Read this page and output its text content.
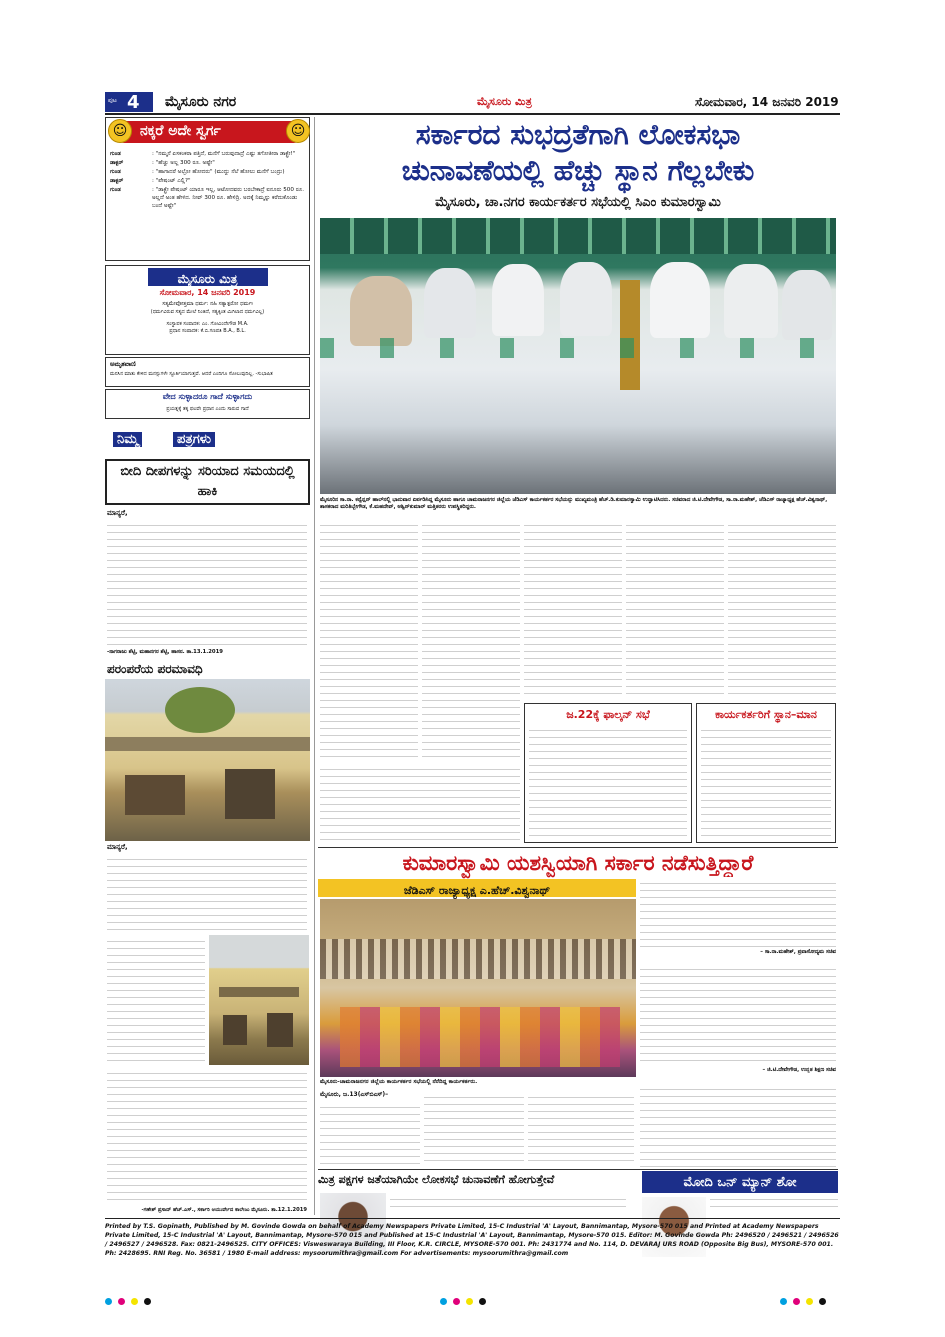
ಪುಟ 4 ಮೈಸೂರು ನಗರ	ಮೈಸೂರು ಮಿತ್ರ	ಸೋಮವಾರ, 14 ಜನವರಿ 2019
☺ ನಕ್ಕರೆ ಅದೇ ಸ್ವರ್ಗ	☺
ಗುಂಡ	: "ನಮ್ಮನೆ ಏಸಕಂಕರಾ ಪತ್ತಿದೆ, ಮನೆಗೆ ಬರುವುದಾದ್ರೆ ಎಷ್ಟು ತಗೋತೀರಾ ಡಾಕ್ಟ್ರೇ!"
ಡಾಕ್ಟರ್	: "ಹೆಚ್ಚು ಅಲ್ಲ 300 ರೂ. ಅಷ್ಟೇ"
ಗುಂಡ	: "ಹಾಗಾದರೆ ಅಲ್ರೋ ಹೋದರು" (ಮುದ್ದು ನೆಲೆ ಹೋಲು ಮನೆಗೆ ಬಂದ್ರು)
ಡಾಕ್ಟರ್	: "ಪೇಷಂಟ್ ಎಲ್ಲಿ?"
ಗುಂಡ	: "ಡಾಕ್ಟ್ರೇ ಪೇಷಂಟ್ ಯಾರೂ ಇಲ್ಲ, ಆಟೋದವರು ಬರಬೇಕಾದ್ರೆ ಐನೂರು 500 ರೂ. ಅಲ್ಲದೆ ಅಂತ ಹೇಳಿದ. ನೀವ್ 300 ರೂ. ಹೇಳಿದ್ರಿ. ಅದಕ್ಕೆ ನಿಮ್ಮನ್ನು ಕರೆದುಕೊಂಡು ಬಂದೆ ಅಷ್ಟೇ"
ಮೈಸೂರು ಮಿತ್ರ
ಸೋಮವಾರ, 14 ಜನವರಿ 2019
ಸತ್ಯಮೇವೋತ್ತಮಾ ಧರ್ಮ: ನಹಿ ಸತ್ಯಾತ್ಪರೋ ಧರ್ಮಃ
(ಧರ್ಮವಿರುವ ಸತ್ಯದ ಮೇಲೆ ನಿಂತಿದೆ, ಸತ್ಯಕ್ಕಿಂತ ಮಿಗಿಲಾದ ಧರ್ಮವಿಲ್ಲ)
ಸಂಸ್ಥಾಪಕ ಸಂಪಾದಕ: ಎಂ. ಗೋವಿಂದೇಗೌಡ M.A.
ಪ್ರಧಾನ ಸಂಪಾದಕ: ಕೆ.ಬಿ.ಗಣಪತಿ B.A., B.L.
ಅಮೃತವಾಣಿ
ಮನಸಿನ ಮಾತು ಕೇಳಿದ ಮನಸ್ಸುಗಳೇ ಸ್ಫೂರ್ತಿಯಾಗುತ್ತವೆ. ಆದರೆ ಎಂದಿಗೂ ಸೋಲುವುದಿಲ್ಲ. -ಸುಭಾಷಿತ
ವೇದ ಸುಳ್ಳಾದರೂ ಗಾದೆ ಸುಳ್ಳಾಗದು
ಪ್ರಯತ್ನಕ್ಕೆ ತಕ್ಕ ಫಲವೇ ಪ್ರಧಾನ ಎಂದು ಸಾರುವ ಗಾದೆ
ನಿಮ್ಮ	ಪತ್ರಗಳು
ಬೀದಿ ದೀಪಗಳನ್ನು ಸರಿಯಾದ ಸಮಯದಲ್ಲಿ ಹಾಕಿ
ಮಾನ್ಯರೆ,
-ನಾಗರಾಜು ಶೆಟ್ಟಿ, ಮಹಾನಗರ ಶೆಟ್ಟಿ, ಹಾಸನ. ತಾ.13.1.2019
ಪರಂಪರೆಯ ಪರಮಾವಧಿ
ಮಾನ್ಯರೆ,
-ಗಣೇಶ್ ಪ್ರಸಾದ್ ಹೆಚ್.ಎಸ್., ಸರ್ಕಾರಿ ಆಯುರ್ವೇದ ಕಾಲೇಜು ಮೈಸೂರು. ತಾ.12.1.2019
ಸರ್ಕಾರದ ಸುಭದ್ರತೆಗಾಗಿ ಲೋಕಸಭಾ
ಚುನಾವಣೆಯಲ್ಲಿ ಹೆಚ್ಚು ಸ್ಥಾನ ಗೆಲ್ಲಬೇಕು
ಮೈಸೂರು, ಚಾ.ನಗರ ಕಾರ್ಯಕರ್ತರ ಸಭೆಯಲ್ಲಿ ಸಿಎಂ ಕುಮಾರಸ್ವಾಮಿ
ಮೈಸೂರಿನ ಸಾ.ರಾ. ಕನ್ವೆನ್ಷನ್ ಹಾಲ್‌ನಲ್ಲಿ ಭಾನುವಾರ ಏರ್ಪಡಿಸಿದ್ದ ಮೈಸೂರು ಹಾಗೂ ಚಾಮರಾಜನಗರ ಜಿಲ್ಲೆಯ ಜೆಡಿಎಸ್ ಕಾರ್ಯಕರ್ತರ ಸಭೆಯನ್ನು ಮುಖ್ಯಮಂತ್ರಿ ಹೆಚ್.ಡಿ.ಕುಮಾರಸ್ವಾಮಿ ಉದ್ಘಾಟಿಸಿದರು. ಸಚಿವರಾದ ಜಿ.ಟಿ.ದೇವೇಗೌಡ, ಸಾ.ರಾ.ಮಹೇಶ್, ಜೆಡಿಎಸ್ ರಾಜ್ಯಾಧ್ಯಕ್ಷ ಹೆಚ್.ವಿಶ್ವನಾಥ್, ಶಾಸಕರಾದ ಮರಿತಿಬ್ಬೇಗೌಡ, ಕೆ.ಮಹದೇವ್, ಅಶ್ವಿನ್‌ಕುಮಾರ್ ಮತ್ತಿತರರು ಉಪಸ್ಥಿತರಿದ್ದರು.
ಜ.22ಕ್ಕೆ ಫಾಲ್ಕನ್ ಸಭೆ	ಕಾರ್ಯಕರ್ತರಿಗೆ ಸ್ಥಾನ–ಮಾನ
ಕುಮಾರಸ್ವಾಮಿ ಯಶಸ್ವಿಯಾಗಿ ಸರ್ಕಾರ ನಡೆಸುತ್ತಿದ್ದಾರೆ
ಜೆಡಿಎಸ್ ರಾಜ್ಯಾಧ್ಯಕ್ಷ ಎ.ಹೆಚ್.ವಿಶ್ವನಾಥ್
ಮೈಸೂರು-ಚಾಮರಾಜನಗರ ಜಿಲ್ಲೆಯ ಕಾರ್ಯಕರ್ತರ ಸಭೆಯಲ್ಲಿ ನೆರೆದಿದ್ದ ಕಾರ್ಯಕರ್ತರು.
– ಸಾ.ರಾ.ಮಹೇಶ್, ಪ್ರವಾಸೋದ್ಯಮ ಸಚಿವ
– ಜಿ.ಟಿ.ದೇವೇಗೌಡ, ಉನ್ನತ ಶಿಕ್ಷಣ ಸಚಿವ
ಮೈಸೂರು, ಜ.13(ಎಸ್‌ಬಿಎಸ್)–
ಮಿತ್ರ ಪಕ್ಷಗಳ ಜತೆಯಾಗಿಯೇ ಲೋಕಸಭೆ ಚುನಾವಣೆಗೆ ಹೋಗುತ್ತೇವೆ	ಮೋದಿ ಒನ್ ಮ್ಯಾನ್ ಶೋ
Printed by T.S. Gopinath, Published by M. Govinde Gowda on behalf of Academy Newspapers Private Limited, 15-C Industrial 'A' Layout, Bannimantap, Mysore-570 015 and Printed at Academy Newspapers Private Limited, 15-C Industrial 'A' Layout, Bannimantap, Mysore-570 015 and Published at 15-C Industrial 'A' Layout, Bannimantap, Mysore-570 015. Editor: M. Govinde Gowda Ph: 2496520 / 2496521 / 2496526 / 2496527 / 2496528. Fax: 0821-2496525. CITY OFFICES: Visweswaraya Building, III Floor, K.R. CIRCLE, MYSORE-570 001. Ph: 2431774 and No. 114, D. DEVARAJ URS ROAD (Opposite Big Bus), MYSORE-570 001. Ph: 2428695. RNI Reg. No. 36581 / 1980 E-mail address: mysoorumithra@gmail.com For advertisements: mysoorumithra@gmail.com
